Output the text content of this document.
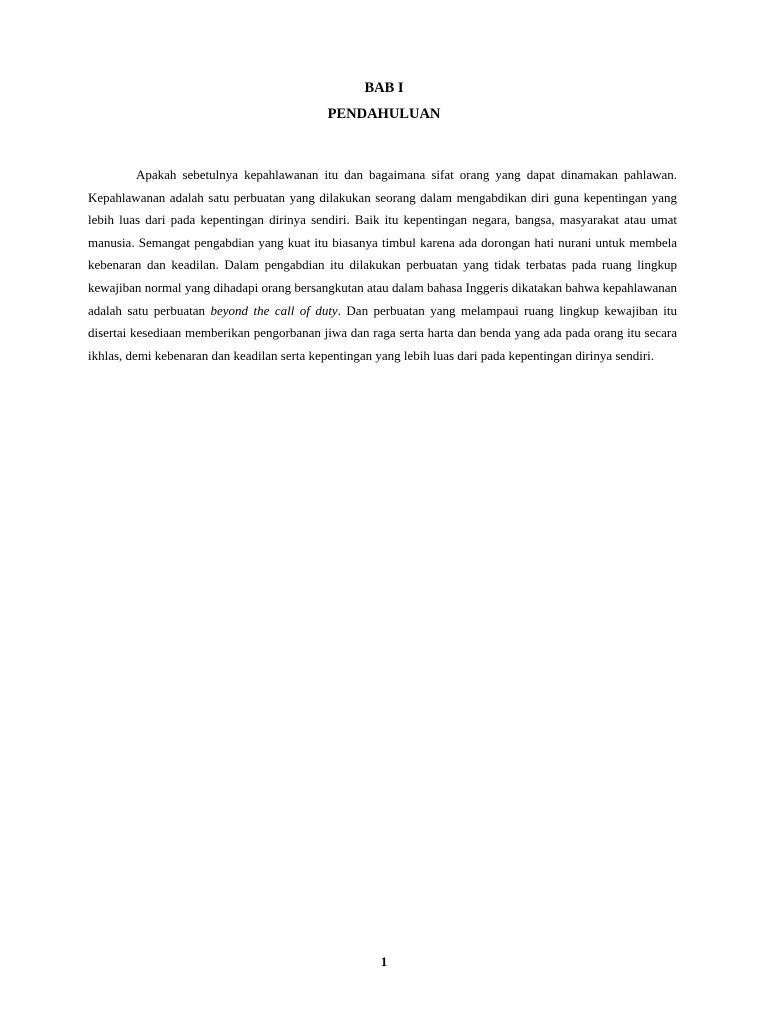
BAB I
PENDAHULUAN

Apakah sebetulnya kepahlawanan itu dan bagaimana sifat orang yang dapat dinamakan pahlawan. Kepahlawanan adalah satu perbuatan yang dilakukan seorang dalam mengabdikan diri guna kepentingan yang lebih luas dari pada kepentingan dirinya sendiri. Baik itu kepentingan negara, bangsa, masyarakat atau umat manusia. Semangat pengabdian yang kuat itu biasanya timbul karena ada dorongan hati nurani untuk membela kebenaran dan keadilan. Dalam pengabdian itu dilakukan perbuatan yang tidak terbatas pada ruang lingkup kewajiban normal yang dihadapi orang bersangkutan atau dalam bahasa Inggeris dikatakan bahwa kepahlawanan adalah satu perbuatan beyond the call of duty. Dan perbuatan yang melampaui ruang lingkup kewajiban itu disertai kesediaan memberikan pengorbanan jiwa dan raga serta harta dan benda yang ada pada orang itu secara ikhlas, demi kebenaran dan keadilan serta kepentingan yang lebih luas dari pada kepentingan dirinya sendiri.

1
